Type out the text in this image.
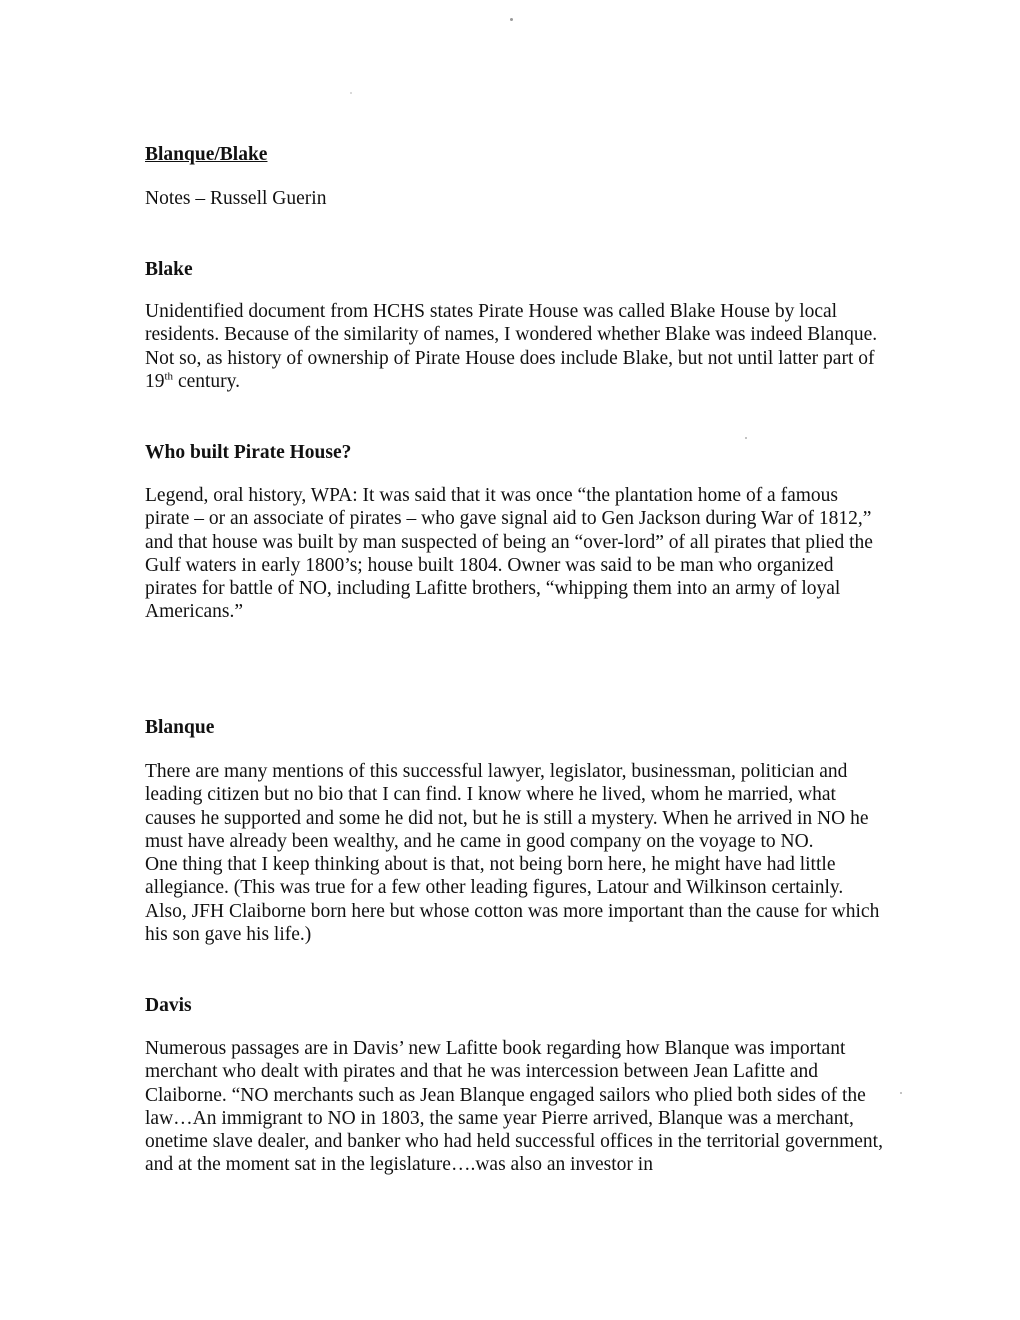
Blanque/Blake
Notes – Russell Guerin
Blake

Unidentified document from HCHS states Pirate House was called Blake House by local residents. Because of the similarity of names, I wondered whether Blake was indeed Blanque. Not so, as history of ownership of Pirate House does include Blake, but not until latter part of 19th century.

Who built Pirate House?

Legend, oral history, WPA: It was said that it was once “the plantation home of a famous pirate – or an associate of pirates – who gave signal aid to Gen Jackson during War of 1812,” and that house was built by man suspected of being an “over-lord” of all pirates that plied the Gulf waters in early 1800’s; house built 1804. Owner was said to be man who organized pirates for battle of NO, including Lafitte brothers, “whipping them into an army of loyal Americans.”

Blanque

There are many mentions of this successful lawyer, legislator, businessman, politician and leading citizen but no bio that I can find. I know where he lived, whom he married, what causes he supported and some he did not, but he is still a mystery. When he arrived in NO he must have already been wealthy, and he came in good company on the voyage to NO.

One thing that I keep thinking about is that, not being born here, he might have had little allegiance. (This was true for a few other leading figures, Latour and Wilkinson certainly. Also, JFH Claiborne born here but whose cotton was more important than the cause for which his son gave his life.)

Davis

Numerous passages are in Davis’ new Lafitte book regarding how Blanque was important merchant who dealt with pirates and that he was intercession between Jean Lafitte and Claiborne. “NO merchants such as Jean Blanque engaged sailors who plied both sides of the law…An immigrant to NO in 1803, the same year Pierre arrived, Blanque was a merchant, onetime slave dealer, and banker who had held successful offices in the territorial government, and at the moment sat in the legislature….was also an investor in
